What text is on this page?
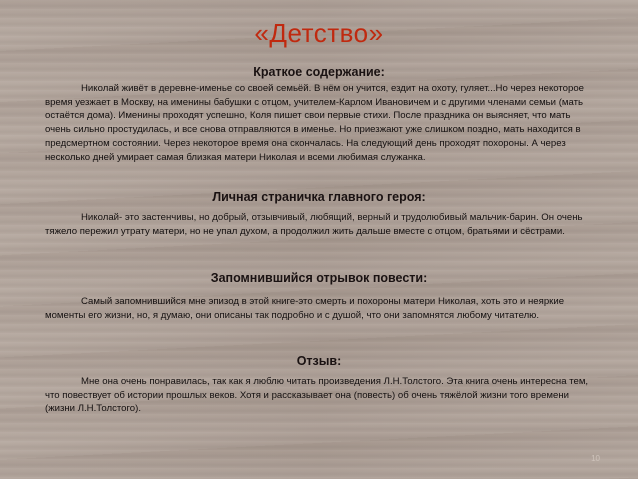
«Детство»
Краткое содержание:
Николай живёт в деревне-именье со своей семьёй. В нём он учится, ездит на охоту, гуляет...Но через некоторое время уезжает в Москву, на именины бабушки с отцом, учителем-Карлом Ивановичем и с другими членами семьи (мать остаётся дома). Именины проходят успешно, Коля пишет свои первые стихи. После праздника он выясняет, что мать очень сильно простудилась, и все снова отправляются в именье. Но приезжают уже слишком поздно, мать находится в предсмертном состоянии. Через некоторое время она скончалась. На следующий день проходят похороны. А через несколько дней умирает самая близкая матери Николая и всеми любимая служанка.
Личная страничка главного героя:
Николай- это застенчивы, но добрый, отзывчивый, любящий, верный и трудолюбивый мальчик-барин. Он очень тяжело пережил утрату матери, но не упал духом, а продолжил жить дальше вместе с отцом, братьями и сёстрами.
Запомнившийся отрывок повести:
Самый запомнившийся мне эпизод в этой книге-это смерть и похороны матери Николая, хоть это и неяркие моменты его жизни, но, я думаю, они описаны так подробно и с душой, что они запомнятся любому читателю.
Отзыв:
Мне она очень понравилась, так как я люблю читать произведения Л.Н.Толстого. Эта книга очень интересна тем, что повествует об истории прошлых веков. Хотя и рассказывает она (повесть) об очень тяжёлой жизни того времени (жизни Л.Н.Толстого).
10
